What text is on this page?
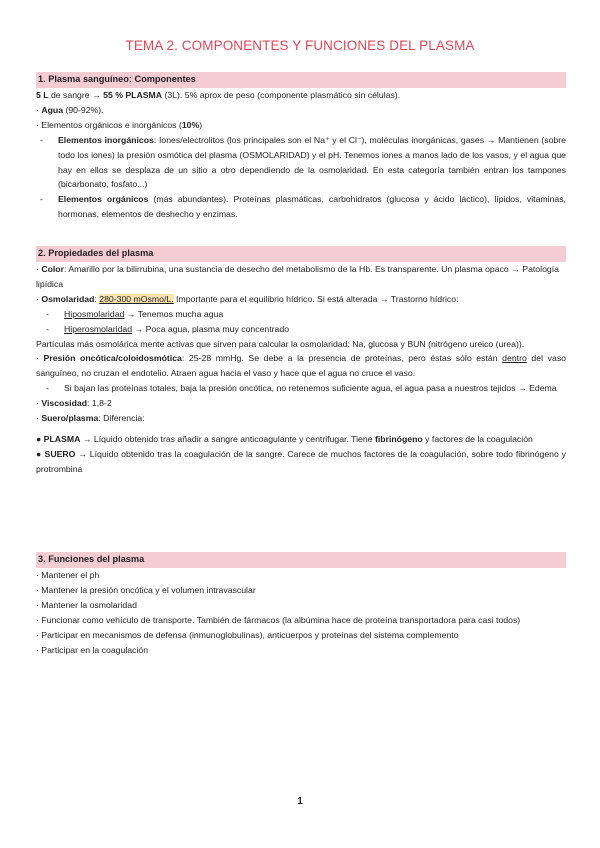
TEMA 2. COMPONENTES Y FUNCIONES DEL PLASMA
1. Plasma sanguíneo: Componentes
5 L de sangre → 55 % PLASMA (3L). 5% aprox de peso (componente plasmático sin células).
· Agua (90-92%).
· Elementos orgánicos e inorgánicos (10%)
- Elementos inorgánicos: Iones/electrolitos (los principales son el Na⁺ y el Cl⁻), moléculas inorgánicas, gases → Mantienen (sobre todo los iones) la presión osmótica del plasma (OSMOLARIDAD) y el pH. Tenemos iones a manos lado de los vasos, y el agua que hay en ellos se desplaza de un sitio a otro dependiendo de la osmolaridad. En esta categoría también entran los tampones (bicarbonato, fosfato...)
- Elementos orgánicos (más abundantes). Proteínas plasmáticas, carbohidratos (glucosa y ácido láctico), lípidos, vitaminas, hormonas, elementos de deshecho y enzimas.
2. Propiedades del plasma
· Color: Amarillo por la bilirrubina, una sustancia de desecho del metabolismo de la Hb. Es transparente. Un plasma opaco → Patología lipídica
· Osmolaridad: 280-300 mOsmo/L. Importante para el equilibrio hídrico. Si está alterada → Trastorno hídrico:
- Hiposmolaridad → Tenemos mucha agua
- Hiperosmolaridad → Poca agua, plasma muy concentrado
Partículas más osmolárica mente activas que sirven para calcular la osmolaridad: Na, glucosa y BUN (nitrógeno ureico (urea)).
· Presión oncótica/coloidosmótica: 25-28 mmHg. Se debe a la presencia de proteínas, pero éstas sólo están dentro del vaso sanguíneo, no cruzan el endotelio. Atraen agua hacia el vaso y hace que el agua no cruce el vaso.
- Si bajan las proteínas totales, baja la presión oncótica, no retenemos suficiente agua, el agua pasa a nuestros tejidos → Edema
· Viscosidad: 1,8-2
· Suero/plasma: Diferencia:
● PLASMA → Líquido obtenido tras añadir a sangre anticoagulante y centrifugar. Tiene fibrinógeno y factores de la coagulación
● SUERO → Líquido obtenido tras la coagulación de la sangre. Carece de muchos factores de la coagulación, sobre todo fibrinógeno y protrombina
3. Funciones del plasma
· Mantener el ph
· Mantener la presión oncótica y el volumen intravascular
· Mantener la osmolaridad
· Funcionar como vehículo de transporte. También de fármacos (la albúmina hace de proteína transportadora para casi todos)
· Participar en mecanismos de defensa (inmunoglobulinas), anticuerpos y proteínas del sistema complemento
· Participar en la coagulación
1
